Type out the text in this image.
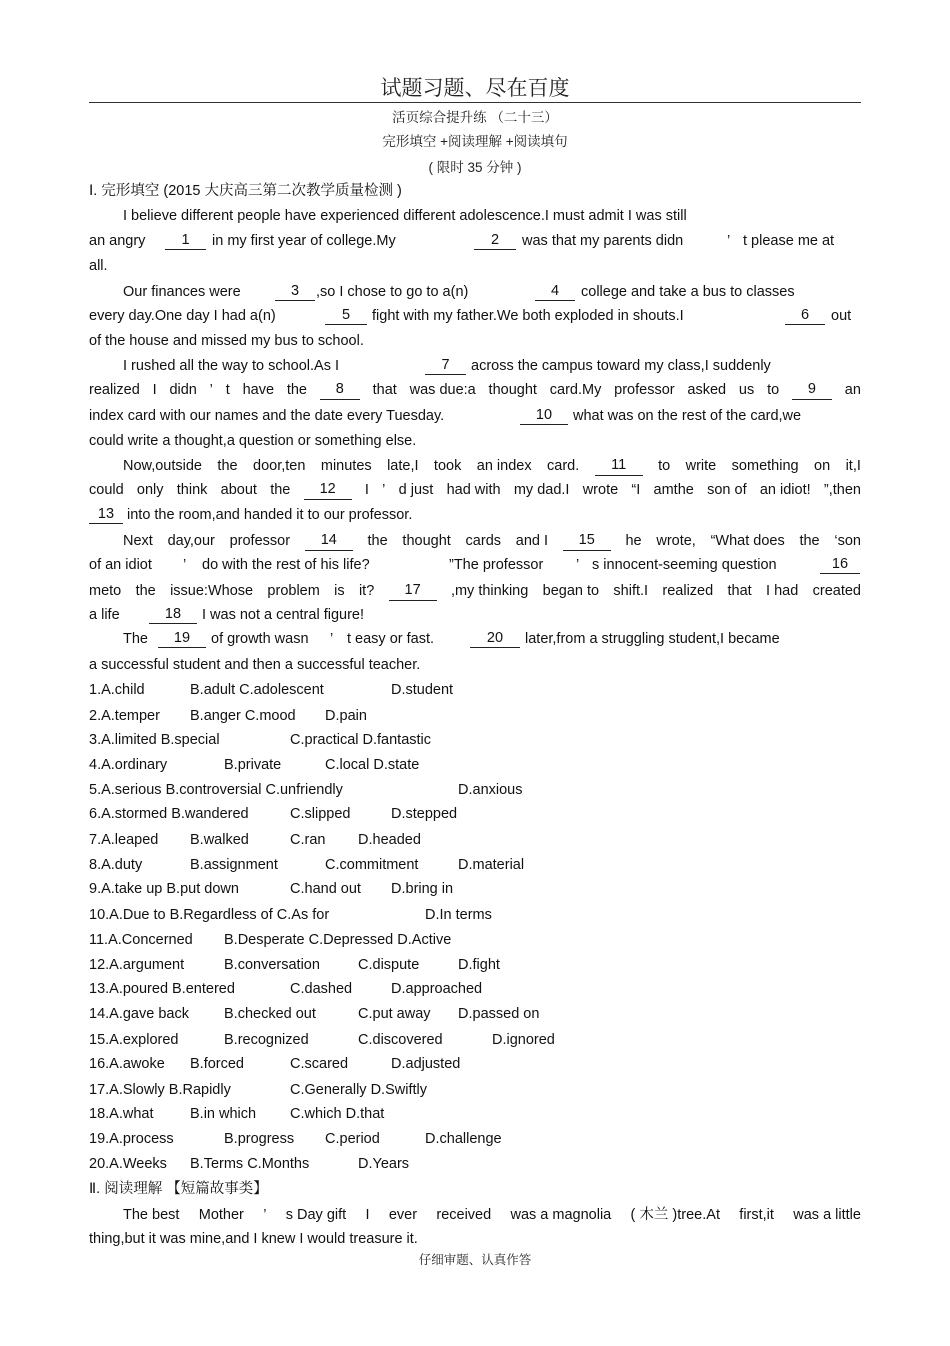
试题习题、尽在百度
活页综合提升练 （二十三）
完形填空 +阅读理解 +阅读填句
( 限时 35 分钟 )
Ⅰ. 完形填空 (2015 大庆高三第二次教学质量检测 )
I believe different people have experienced different adolescence.I must admit I was still
an angry	1	in my first year of college.My	2	was that my parents didn	’ t please me at
all.
Our finances were	3	,so I chose to go to a(n)	4	college and take a bus to classes
every day.One day I had a(n)	5	fight with my father.We both exploded in shouts.I	6	out
of the house and missed my bus to school.
I rushed all the way to school.As I	7	across the campus toward my class,I suddenly
realized I didn ’ t have the	8	that was due:a thought card.My professor asked us to	9	an
index card with our names and the date every Tuesday.	10	what was on the rest of the card,we
could write a thought,a question or something else.
Now,outside the door,ten minutes late,I took an index card.	11	to write something on it,I
could only think about the	12	I ’ d just had with my dad.I wrote “I amthe son of an idiot! ”,then
13 into the room,and handed it to our professor.
Next day,our professor	14	the thought cards and I	15	he wrote, “What does the ‘son
of an idiot ’ do with the rest of his life?	”The professor ’ s innocent-seeming question	16
meto the issue:Whose problem is it?	17	,my thinking began to shift.I realized that I had created
a life	18	I was not a central figure!
The	19	of growth wasn ’ t easy or fast.	20	later,from a struggling student,I became
a successful student and then a successful teacher.
1.A.child	B.adult C.adolescent	D.student
2.A.temper B.anger C.mood D.pain
3.A.limited B.special	C.practical D.fantastic
4.A.ordinary	B.private	C.local D.state
5.A.serious B.controversial C.unfriendly	D.anxious
6.A.stormed B.wandered	C.slipped	D.stepped
7.A.leaped B.walked	C.ran D.headed
8.A.duty	B.assignment	C.commitment	D.material
9.A.take up B.put down	C.hand out D.bring in
10.A.Due to B.Regardless of C.As for	D.In terms
11.A.Concerned B.Desperate C.Depressed D.Active
12.A.argument	B.conversation	C.dispute	D.fight
13.A.poured B.entered	C.dashed	D.approached
14.A.gave back B.checked out	C.put away D.passed on
15.A.explored	B.recognized	C.discovered	D.ignored
16.A.awoke B.forced	C.scared	D.adjusted
17.A.Slowly B.Rapidly	C.Generally D.Swiftly
18.A.what	B.in which C.which D.that
19.A.process	B.progress C.period	D.challenge
20.A.Weeks B.Terms C.Months	D.Years
Ⅱ. 阅读理解 【短篇故事类】
The best Mother ’ s Day gift I ever received was a magnolia ( 木兰 )tree.At first,it was a little
thing,but it was mine,and I knew I would treasure it.
仔细审题、认真作答
